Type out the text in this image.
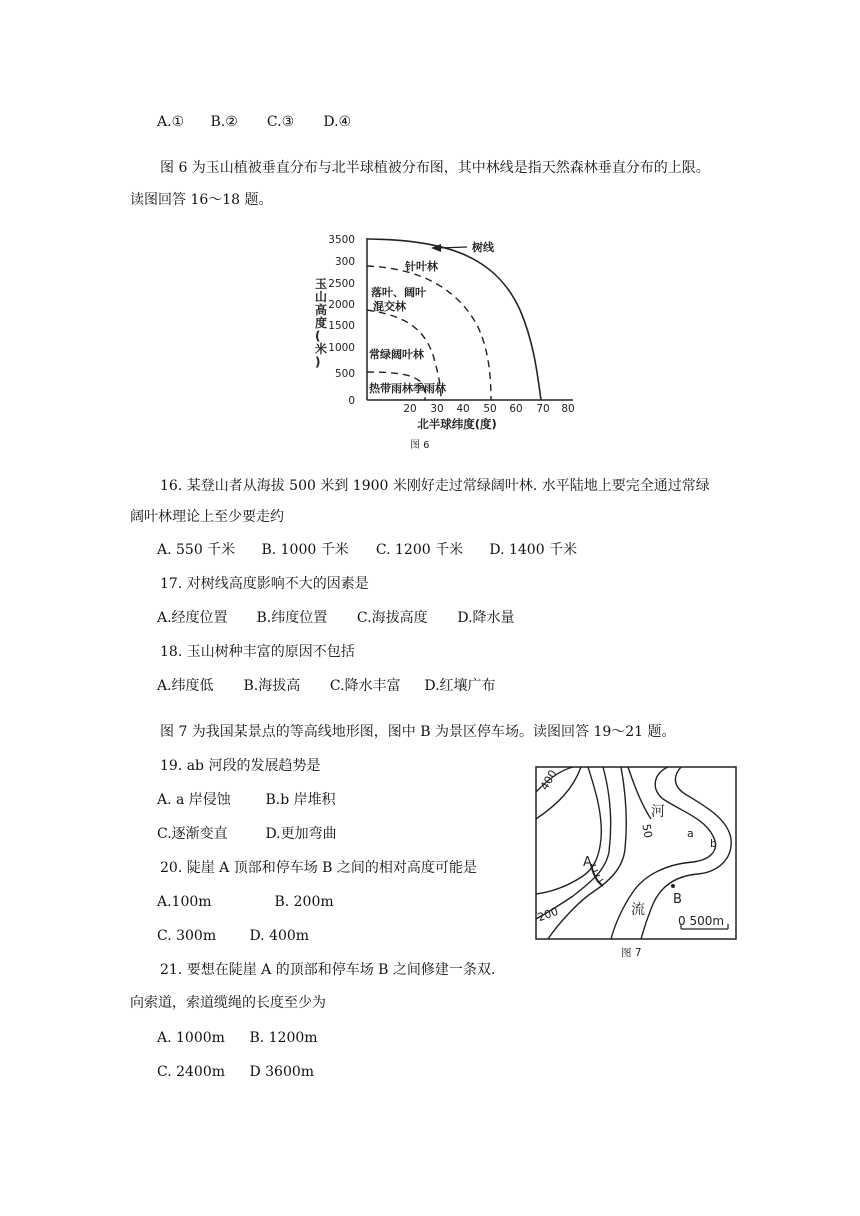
A.① B.② C.③ D.④
图 6 为玉山植被垂直分布与北半球植被分布图，其中林线是指天然森林垂直分布的上限。
读图回答 16～18 题。
玉山高度(米)
3500
300
2500
2000
1500
1000
500
0
20 30 40 50 60 70 80
树线
针叶林
落叶、阔叶
混交林
常绿阔叶林
热带雨林季雨林
北半球纬度(度)
图 6
16. 某登山者从海拔 500 米到 1900 米刚好走过常绿阔叶林. 水平陆地上要完全通过常绿
阔叶林理论上至少要走约
A. 550 千米 B. 1000 千米 C. 1200 千米 D. 1400 千米
17. 对树线高度影响不大的因素是
A.经度位置 B.纬度位置 C.海拔高度 D.降水量
18. 玉山树种丰富的原因不包括
A.纬度低 B.海拔高 C.降水丰富 D.红壤广布
图 7 为我国某景点的等高线地形图，图中 B 为景区停车场。读图回答 19～21 题。
19. ab 河段的发展趋势是
A. a 岸侵蚀 B.b 岸堆积
C.逐渐变直	D.更加弯曲
20. 陡崖 A 顶部和停车场 B 之间的相对高度可能是
A.100m	B. 200m
C. 300m D. 400m
21. 要想在陡崖 A 的顶部和停车场 B 之间修建一条双.
向索道，索道缆绳的长度至少为
A. 1000m B. 1200m
C. 2400m D 3600m
400
50
200
河
流
a
b
A
B
0 500m
图 7
